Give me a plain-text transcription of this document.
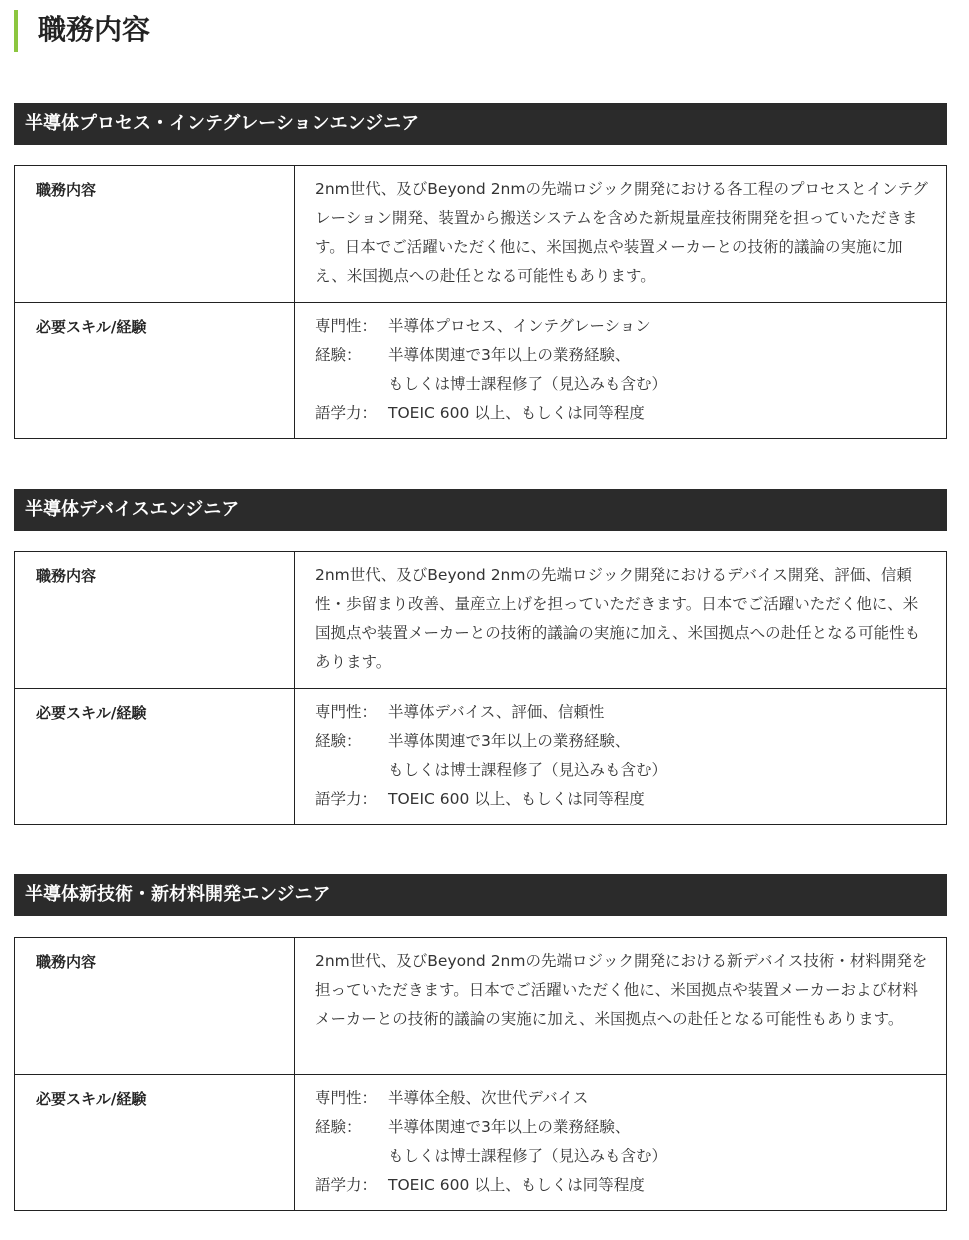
職務内容
半導体プロセス・インテグレーションエンジニア
職務内容	2nm世代、及びBeyond 2nmの先端ロジック開発における各工程のプロセスとインテグレーション開発、装置から搬送システムを含めた新規量産技術開発を担っていただきます。日本でご活躍いただく他に、米国拠点や装置メーカーとの技術的議論の実施に加え、米国拠点への赴任となる可能性もあります。
必要スキル/経験	専門性： 半導体プロセス、インテグレーション
経験：	半導体関連で3年以上の業務経験、
もしくは博士課程修了（見込みも含む）
語学力： TOEIC 600 以上、もしくは同等程度
半導体デバイスエンジニア
職務内容	2nm世代、及びBeyond 2nmの先端ロジック開発におけるデバイス開発、評価、信頼性・歩留まり改善、量産立上げを担っていただきます。日本でご活躍いただく他に、米国拠点や装置メーカーとの技術的議論の実施に加え、米国拠点への赴任となる可能性もあります。
必要スキル/経験	専門性： 半導体デバイス、評価、信頼性
経験：	半導体関連で3年以上の業務経験、
もしくは博士課程修了（見込みも含む）
語学力： TOEIC 600 以上、もしくは同等程度
半導体新技術・新材料開発エンジニア
職務内容	2nm世代、及びBeyond 2nmの先端ロジック開発における新デバイス技術・材料開発を担っていただきます。日本でご活躍いただく他に、米国拠点や装置メーカーおよび材料メーカーとの技術的議論の実施に加え、米国拠点への赴任となる可能性もあります。
必要スキル/経験	専門性： 半導体全般、次世代デバイス
経験：	半導体関連で3年以上の業務経験、
もしくは博士課程修了（見込みも含む）
語学力： TOEIC 600 以上、もしくは同等程度
